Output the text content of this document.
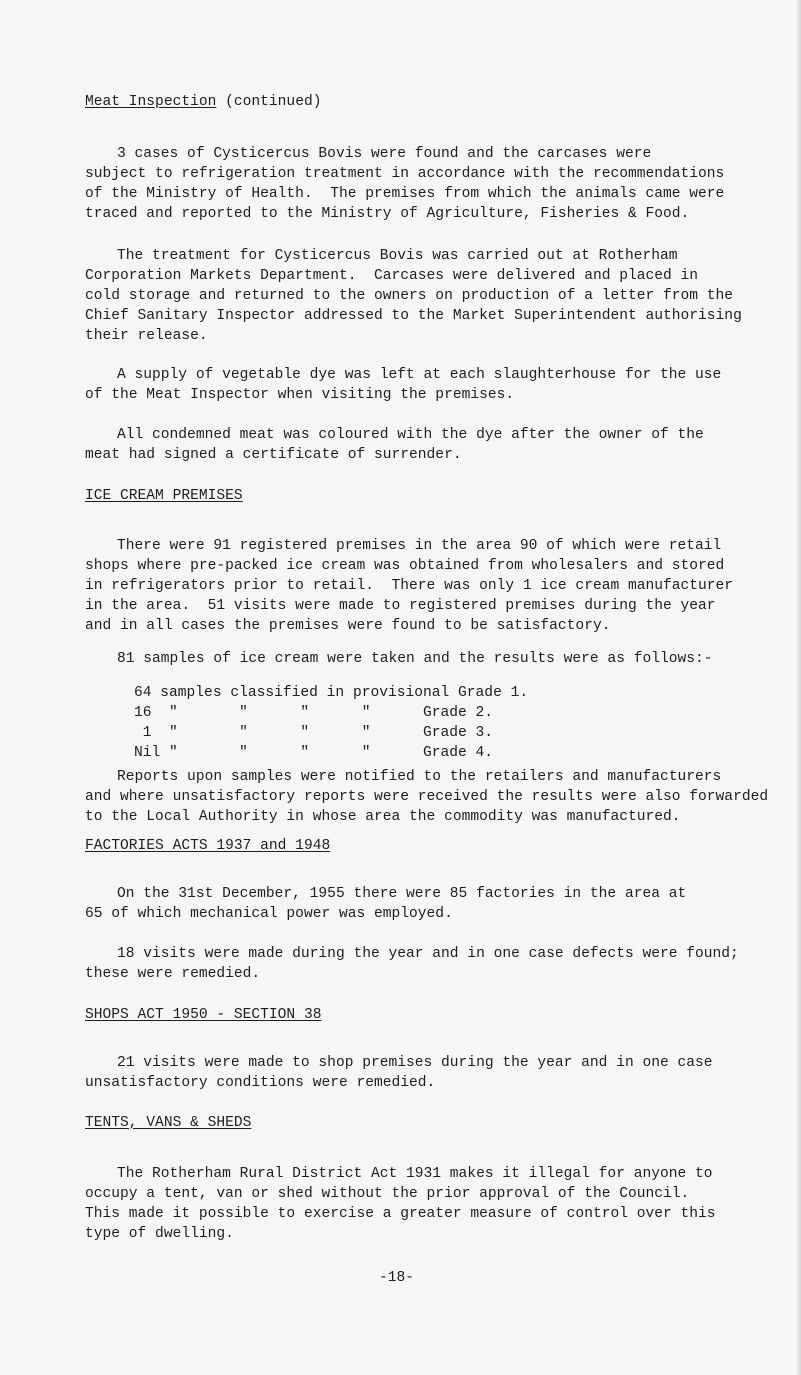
Meat Inspection (continued)

3 cases of Cysticercus Bovis were found and the carcases were

subject to refrigeration treatment in accordance with the recommendations

of the Ministry of Health.  The premises from which the animals came were

traced and reported to the Ministry of Agriculture, Fisheries & Food.

The treatment for Cysticercus Bovis was carried out at Rotherham

Corporation Markets Department.  Carcases were delivered and placed in

cold storage and returned to the owners on production of a letter from the

Chief Sanitary Inspector addressed to the Market Superintendent authorising

their release.

A supply of vegetable dye was left at each slaughterhouse for the use

of the Meat Inspector when visiting the premises.

All condemned meat was coloured with the dye after the owner of the

meat had signed a certificate of surrender.

ICE CREAM PREMISES

There were 91 registered premises in the area 90 of which were retail

shops where pre-packed ice cream was obtained from wholesalers and stored

in refrigerators prior to retail.  There was only 1 ice cream manufacturer

in the area.  51 visits were made to registered premises during the year

and in all cases the premises were found to be satisfactory.

81 samples of ice cream were taken and the results were as follows:-

64 samples classified in provisional Grade 1.
16  "       "      "      "      Grade 2.
1  "       "      "      "      Grade 3.
Nil "       "      "      "      Grade 4.

Reports upon samples were notified to the retailers and manufacturers

and where unsatisfactory reports were received the results were also forwarded

to the Local Authority in whose area the commodity was manufactured.

FACTORIES ACTS 1937 and 1948

On the 31st December, 1955 there were 85 factories in the area at

65 of which mechanical power was employed.

18 visits were made during the year and in one case defects were found;

these were remedied.

SHOPS ACT 1950 - SECTION 38

21 visits were made to shop premises during the year and in one case

unsatisfactory conditions were remedied.

TENTS, VANS & SHEDS

The Rotherham Rural District Act 1931 makes it illegal for anyone to

occupy a tent, van or shed without the prior approval of the Council.

This made it possible to exercise a greater measure of control over this

type of dwelling.

-18-
